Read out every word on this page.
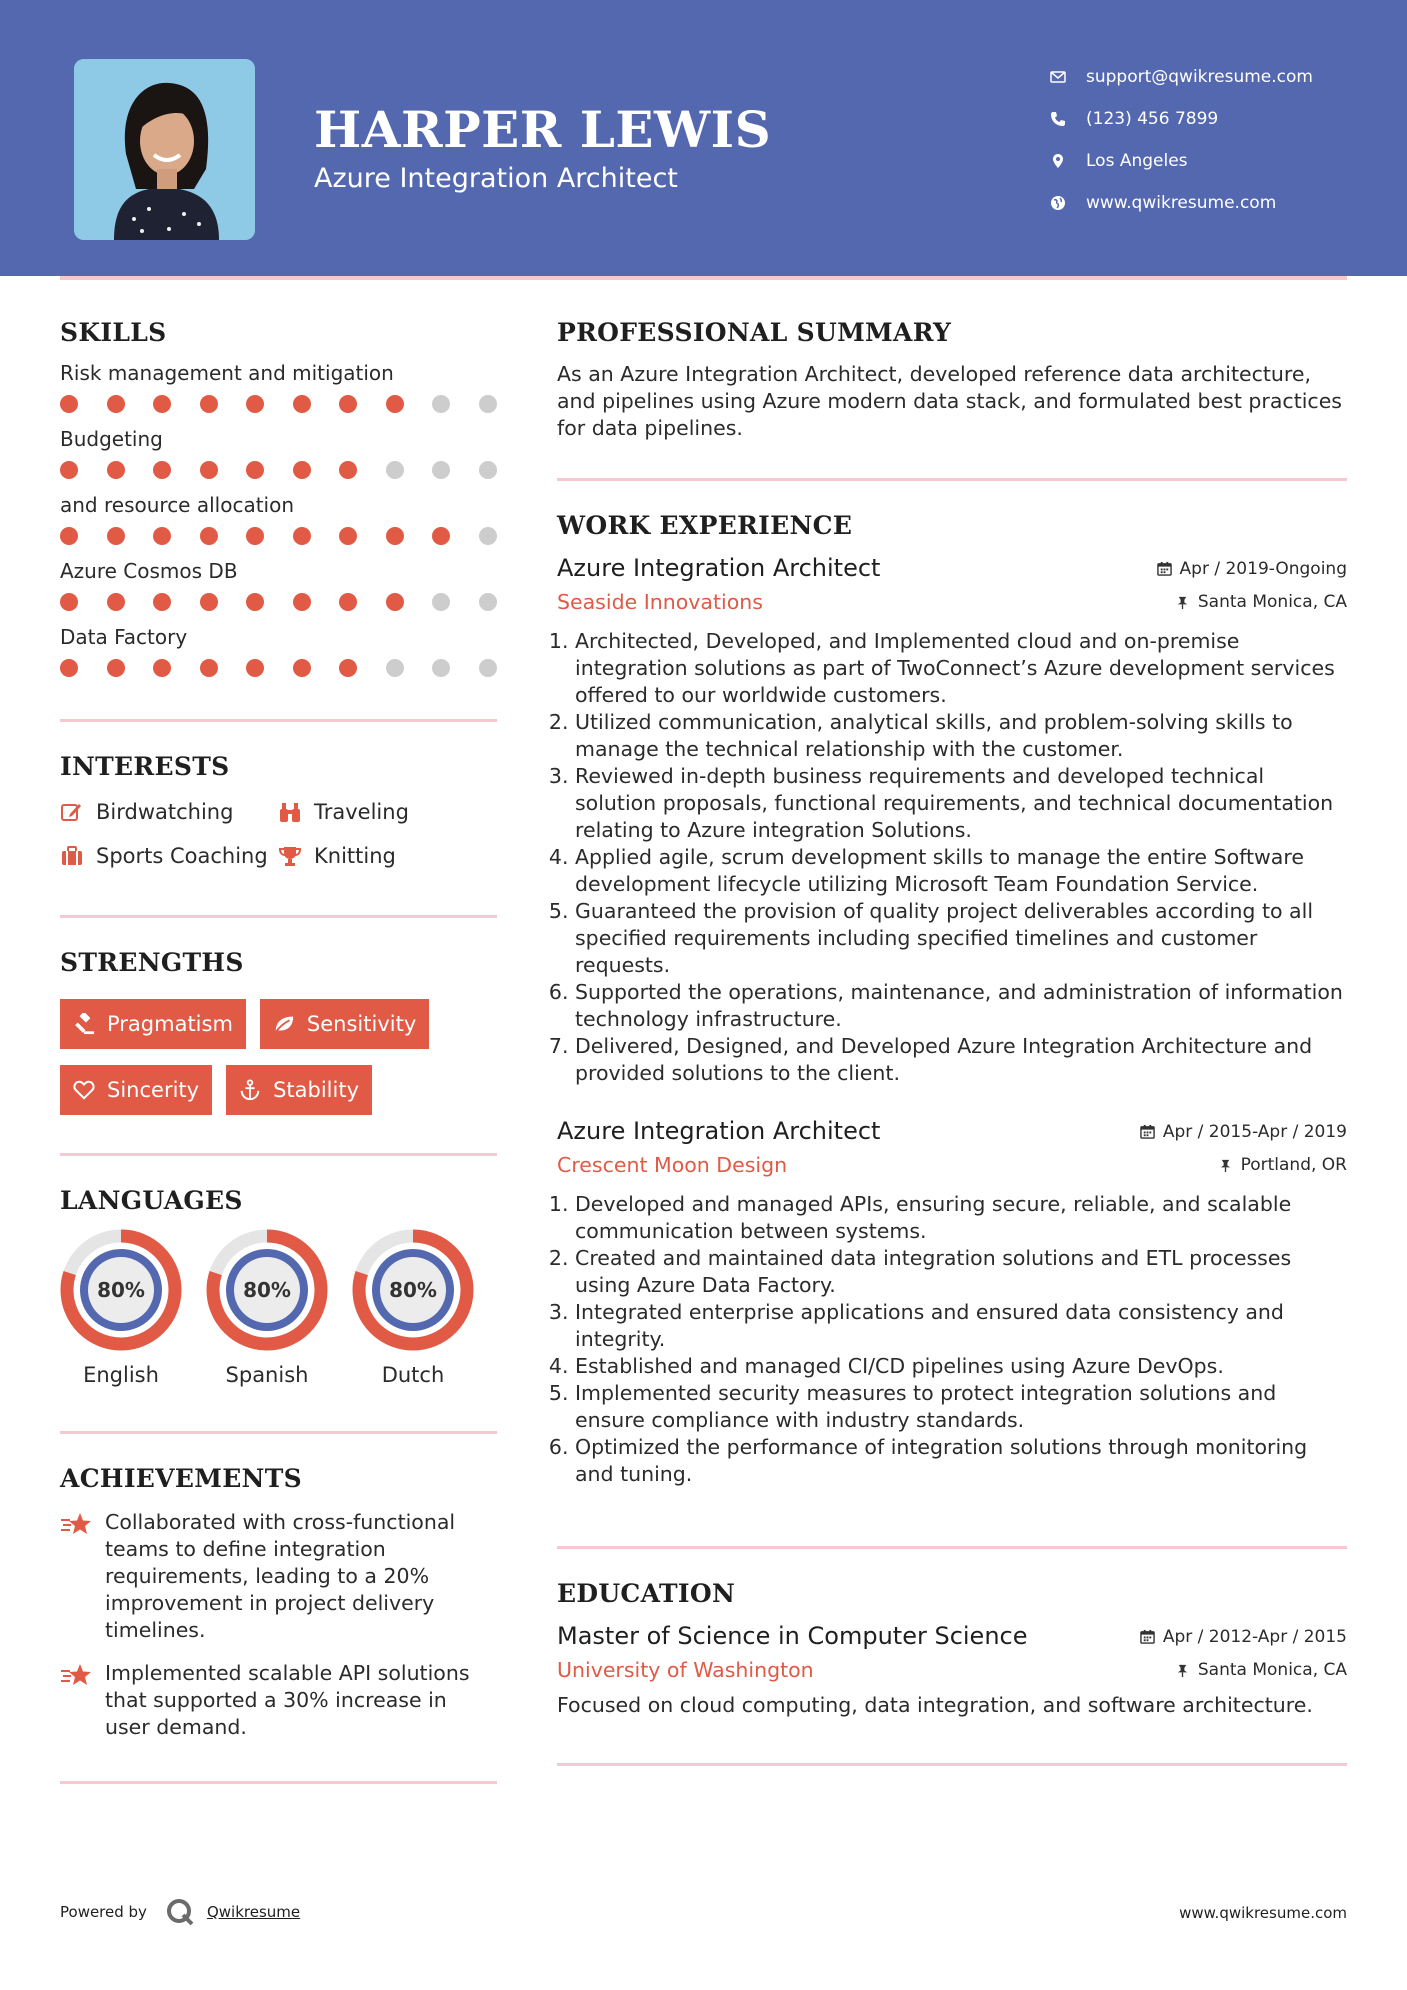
HARPER LEWIS
Azure Integration Architect
support@qwikresume.com
(123) 456 7899
Los Angeles
www.qwikresume.com
SKILLS
Risk management and mitigation
Budgeting
and resource allocation
Azure Cosmos DB
Data Factory
INTERESTS
Birdwatching	Traveling
Sports Coaching Knitting
STRENGTHS
Pragmatism	Sensitivity
Sincerity	Stability
LANGUAGES
80%
English
80%
Spanish
80%
Dutch
ACHIEVEMENTS
Collaborated with cross-functional teams to define integration requirements, leading to a 20% improvement in project delivery timelines.
Implemented scalable API solutions that supported a 30% increase in user demand.
PROFESSIONAL SUMMARY
As an Azure Integration Architect, developed reference data architecture, and pipelines using Azure modern data stack, and formulated best practices for data pipelines.
WORK EXPERIENCE
Azure Integration Architect	Apr / 2019-Ongoing
Seaside Innovations	Santa Monica, CA
1. Architected, Developed, and Implemented cloud and on-premise integration solutions as part of TwoConnect’s Azure development services offered to our worldwide customers.
2. Utilized communication, analytical skills, and problem-solving skills to manage the technical relationship with the customer.
3. Reviewed in-depth business requirements and developed technical solution proposals, functional requirements, and technical documentation relating to Azure integration Solutions.
4. Applied agile, scrum development skills to manage the entire Software development lifecycle utilizing Microsoft Team Foundation Service.
5. Guaranteed the provision of quality project deliverables according to all specified requirements including specified timelines and customer requests.
6. Supported the operations, maintenance, and administration of information technology infrastructure.
7. Delivered, Designed, and Developed Azure Integration Architecture and provided solutions to the client.
Azure Integration Architect	Apr / 2015-Apr / 2019
Crescent Moon Design	Portland, OR
1. Developed and managed APIs, ensuring secure, reliable, and scalable communication between systems.
2. Created and maintained data integration solutions and ETL processes using Azure Data Factory.
3. Integrated enterprise applications and ensured data consistency and integrity.
4. Established and managed CI/CD pipelines using Azure DevOps.
5. Implemented security measures to protect integration solutions and ensure compliance with industry standards.
6. Optimized the performance of integration solutions through monitoring and tuning.
EDUCATION
Master of Science in Computer Science	Apr / 2012-Apr / 2015
University of Washington	Santa Monica, CA
Focused on cloud computing, data integration, and software architecture.
Powered by	Qwikresume	www.qwikresume.com
